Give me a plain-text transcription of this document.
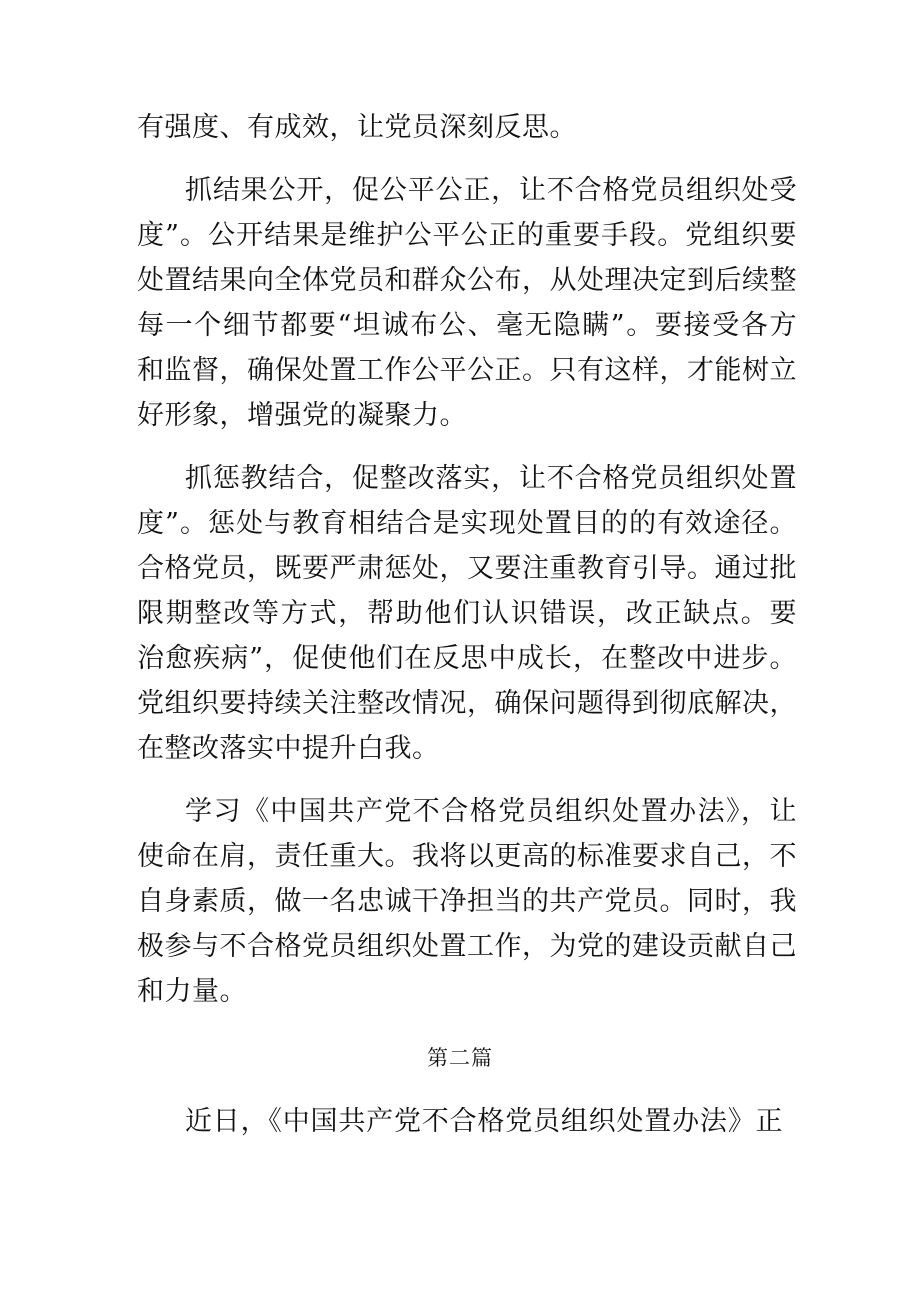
有强度、有成效，让党员深刻反思。
抓结果公开，促公平公正，让不合格党员组织处受
度”。公开结果是维护公平公正的重要手段。党组织要
处置结果向全体党员和群众公布，从处理决定到后续整
每一个细节都要“坦诚布公、毫无隐瞒”。要接受各方
和监督，确保处置工作公平公正。只有这样，才能树立
好形象，增强党的凝聚力。
抓惩教结合，促整改落实，让不合格党员组织处置
度”。惩处与教育相结合是实现处置目的的有效途径。
合格党员，既要严肃惩处，又要注重教育引导。通过批
限期整改等方式，帮助他们认识错误，改正缺点。要
治愈疾病”，促使他们在反思中成长，在整改中进步。
党组织要持续关注整改情况，确保问题得到彻底解决，
在整改落实中提升白我。
学习《中国共产党不合格党员组织处置办法》，让
使命在肩，责任重大。我将以更高的标准要求自己，不
自身素质，做一名忠诚干净担当的共产党员。同时，我
极参与不合格党员组织处置工作，为党的建设贡献自己
和力量。
第二篇
近日，《中国共产党不合格党员组织处置办法》正
